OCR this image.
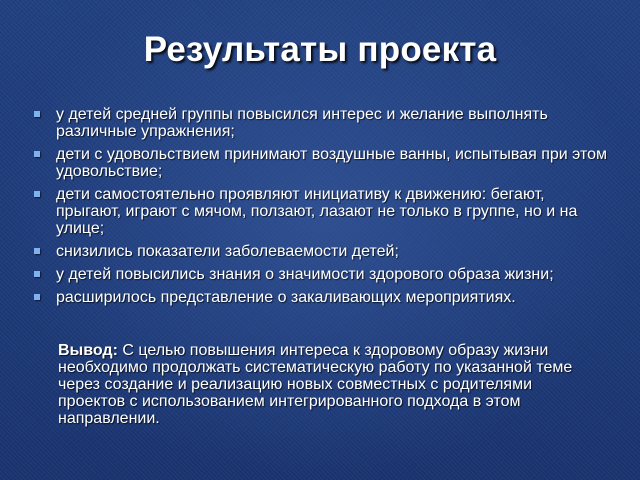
Результаты проекта
у детей средней группы повысился интерес и желание выполнять различные упражнения;
дети с удовольствием принимают воздушные ванны, испытывая при этом удовольствие;
дети самостоятельно проявляют инициативу к движению: бегают, прыгают, играют с мячом, ползают, лазают не только в группе, но и на улице;
снизились показатели заболеваемости детей;
у детей повысились знания о значимости здорового образа жизни;
расширилось представление о закаливающих мероприятиях.
Вывод: С целью повышения интереса к здоровому образу жизни необходимо продолжать систематическую работу по указанной теме через создание и реализацию новых совместных с родителями проектов с использованием интегрированного подхода в этом направлении.
